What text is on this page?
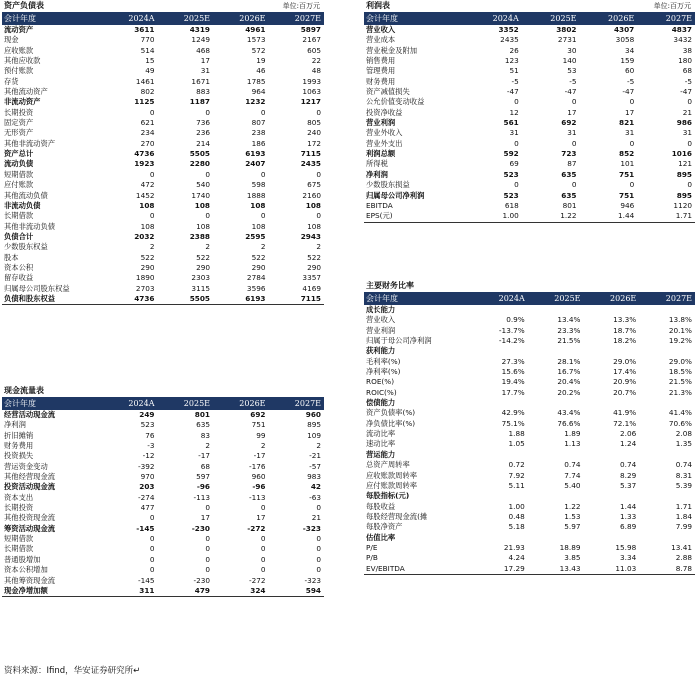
资产负债表	单位:百万元
会计年度	2024A	2025E	2026E	2027E
流动资产	3611	4319	4961	5897
现金	770	1249	1573	2167
应收账款	514	468	572	605
其他应收款	15	17	19	22
预付账款	49	31	46	48
存货	1461	1671	1785	1993
其他流动资产	802	883	964	1063
非流动资产	1125	1187	1232	1217
长期投资	0	0	0	0
固定资产	621	736	807	805
无形资产	234	236	238	240
其他非流动资产	270	214	186	172
资产总计	4736	5505	6193	7115
流动负债	1923	2280	2407	2435
短期借款	0	0	0	0
应付账款	472	540	598	675
其他流动负债	1452	1740	1888	2160
非流动负债	108	108	108	108
长期借款	0	0	0	0
其他非流动负债	108	108	108	108
负债合计	2032	2388	2595	2943
少数股东权益	2	2	2	2
股本	522	522	522	522
资本公积	290	290	290	290
留存收益	1890	2303	2784	3357
归属母公司股东权益	2703	3115	3596	4169
负债和股东权益	4736	5505	6193	7115
现金流量表
会计年度	2024A	2025E	2026E	2027E
经营活动现金流	249	801	692	960
净利润	523	635	751	895
折旧摊销	76	83	99	109
财务费用	-3	2	2	2
投资损失	-12	-17	-17	-21
营运资金变动	-392	68	-176	-57
其他经营现金流	970	597	960	983
投资活动现金流	203	-96	-96	42
资本支出	-274	-113	-113	-63
长期投资	477	0	0	0
其他投资现金流	0	17	17	21
筹资活动现金流	-145	-230	-272	-323
短期借款	0	0	0	0
长期借款	0	0	0	0
普通股增加	0	0	0	0
资本公积增加	0	0	0	0
其他筹资现金流	-145	-230	-272	-323
现金净增加额	311	479	324	594
利润表	单位:百万元
会计年度	2024A	2025E	2026E	2027E
营业收入	3352	3802	4307	4837
营业成本	2435	2731	3058	3432
营业税金及附加	26	30	34	38
销售费用	123	140	159	180
管理费用	51	53	60	68
财务费用	-5	-5	-5	-5
资产减值损失	-47	-47	-47	-47
公允价值变动收益	0	0	0	0
投资净收益	12	17	17	21
营业利润	561	692	821	986
营业外收入	31	31	31	31
营业外支出	0	0	0	0
利润总额	592	723	852	1016
所得税	69	87	101	121
净利润	523	635	751	895
少数股东损益	0	0	0	0
归属母公司净利润	523	635	751	895
EBITDA	618	801	946	1120
EPS(元)	1.00	1.22	1.44	1.71
主要财务比率
会计年度	2024A	2025E	2026E	2027E
成长能力				
营业收入	0.9%	13.4%	13.3%	13.8%
营业利润	-13.7%	23.3%	18.7%	20.1%
归属于母公司净利润	-14.2%	21.5%	18.2%	19.2%
获利能力				
毛利率(%)	27.3%	28.1%	29.0%	29.0%
净利率(%)	15.6%	16.7%	17.4%	18.5%
ROE(%)	19.4%	20.4%	20.9%	21.5%
ROIC(%)	17.7%	20.2%	20.7%	21.3%
偿债能力				
资产负债率(%)	42.9%	43.4%	41.9%	41.4%
净负债比率(%)	75.1%	76.6%	72.1%	70.6%
流动比率	1.88	1.89	2.06	2.08
速动比率	1.05	1.13	1.24	1.35
营运能力				
总资产周转率	0.72	0.74	0.74	0.74
应收账款周转率	7.92	7.74	8.29	8.31
应付账款周转率	5.11	5.40	5.37	5.39
每股指标(元)				
每股收益	1.00	1.22	1.44	1.71
每股经营现金流(摊	0.48	1.53	1.33	1.84
每股净资产	5.18	5.97	6.89	7.99
估值比率				
P/E	21.93	18.89	15.98	13.41
P/B	4.24	3.85	3.34	2.88
EV/EBITDA	17.29	13.43	11.03	8.78
资料来源：Ifind，华安证券研究所↵
